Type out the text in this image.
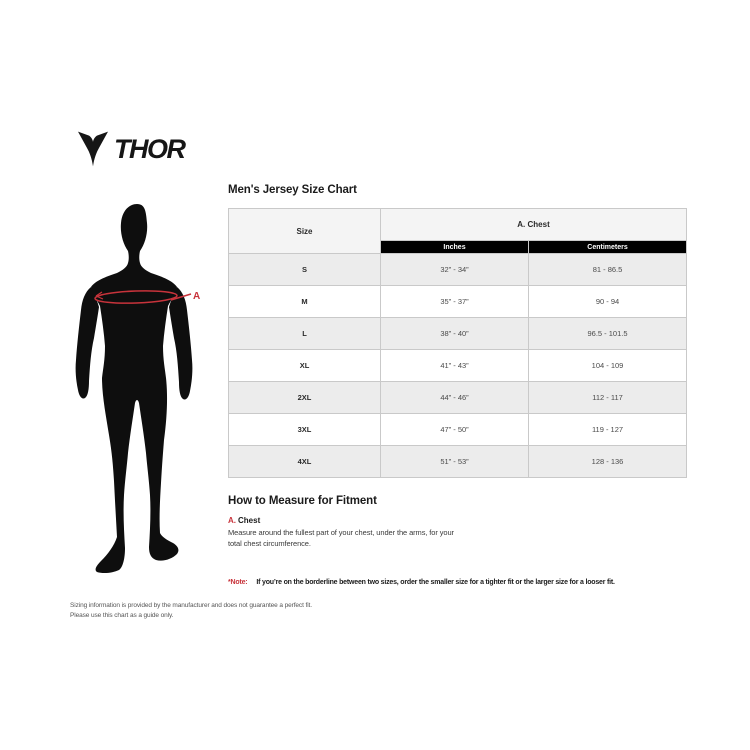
THOR
A
Men's Jersey Size Chart
Size	A. Chest	
	Inches	Centimeters
S	32” - 34”	81 - 86.5
M	35” - 37”	90 - 94
L	38” - 40”	96.5 - 101.5
XL	41” - 43”	104 - 109
2XL	44” - 46”	112 - 117
3XL	47” - 50”	119 - 127
4XL	51” - 53”	128 - 136
How to Measure for Fitment
A. Chest
Measure around the fullest part of your chest, under the arms, for your total chest circumference.
*Note: If you’re on the borderline between two sizes, order the smaller size for a tighter fit or the larger size for a looser fit.
Sizing information is provided by the manufacturer and does not guarantee a perfect fit.
Please use this chart as a guide only.
